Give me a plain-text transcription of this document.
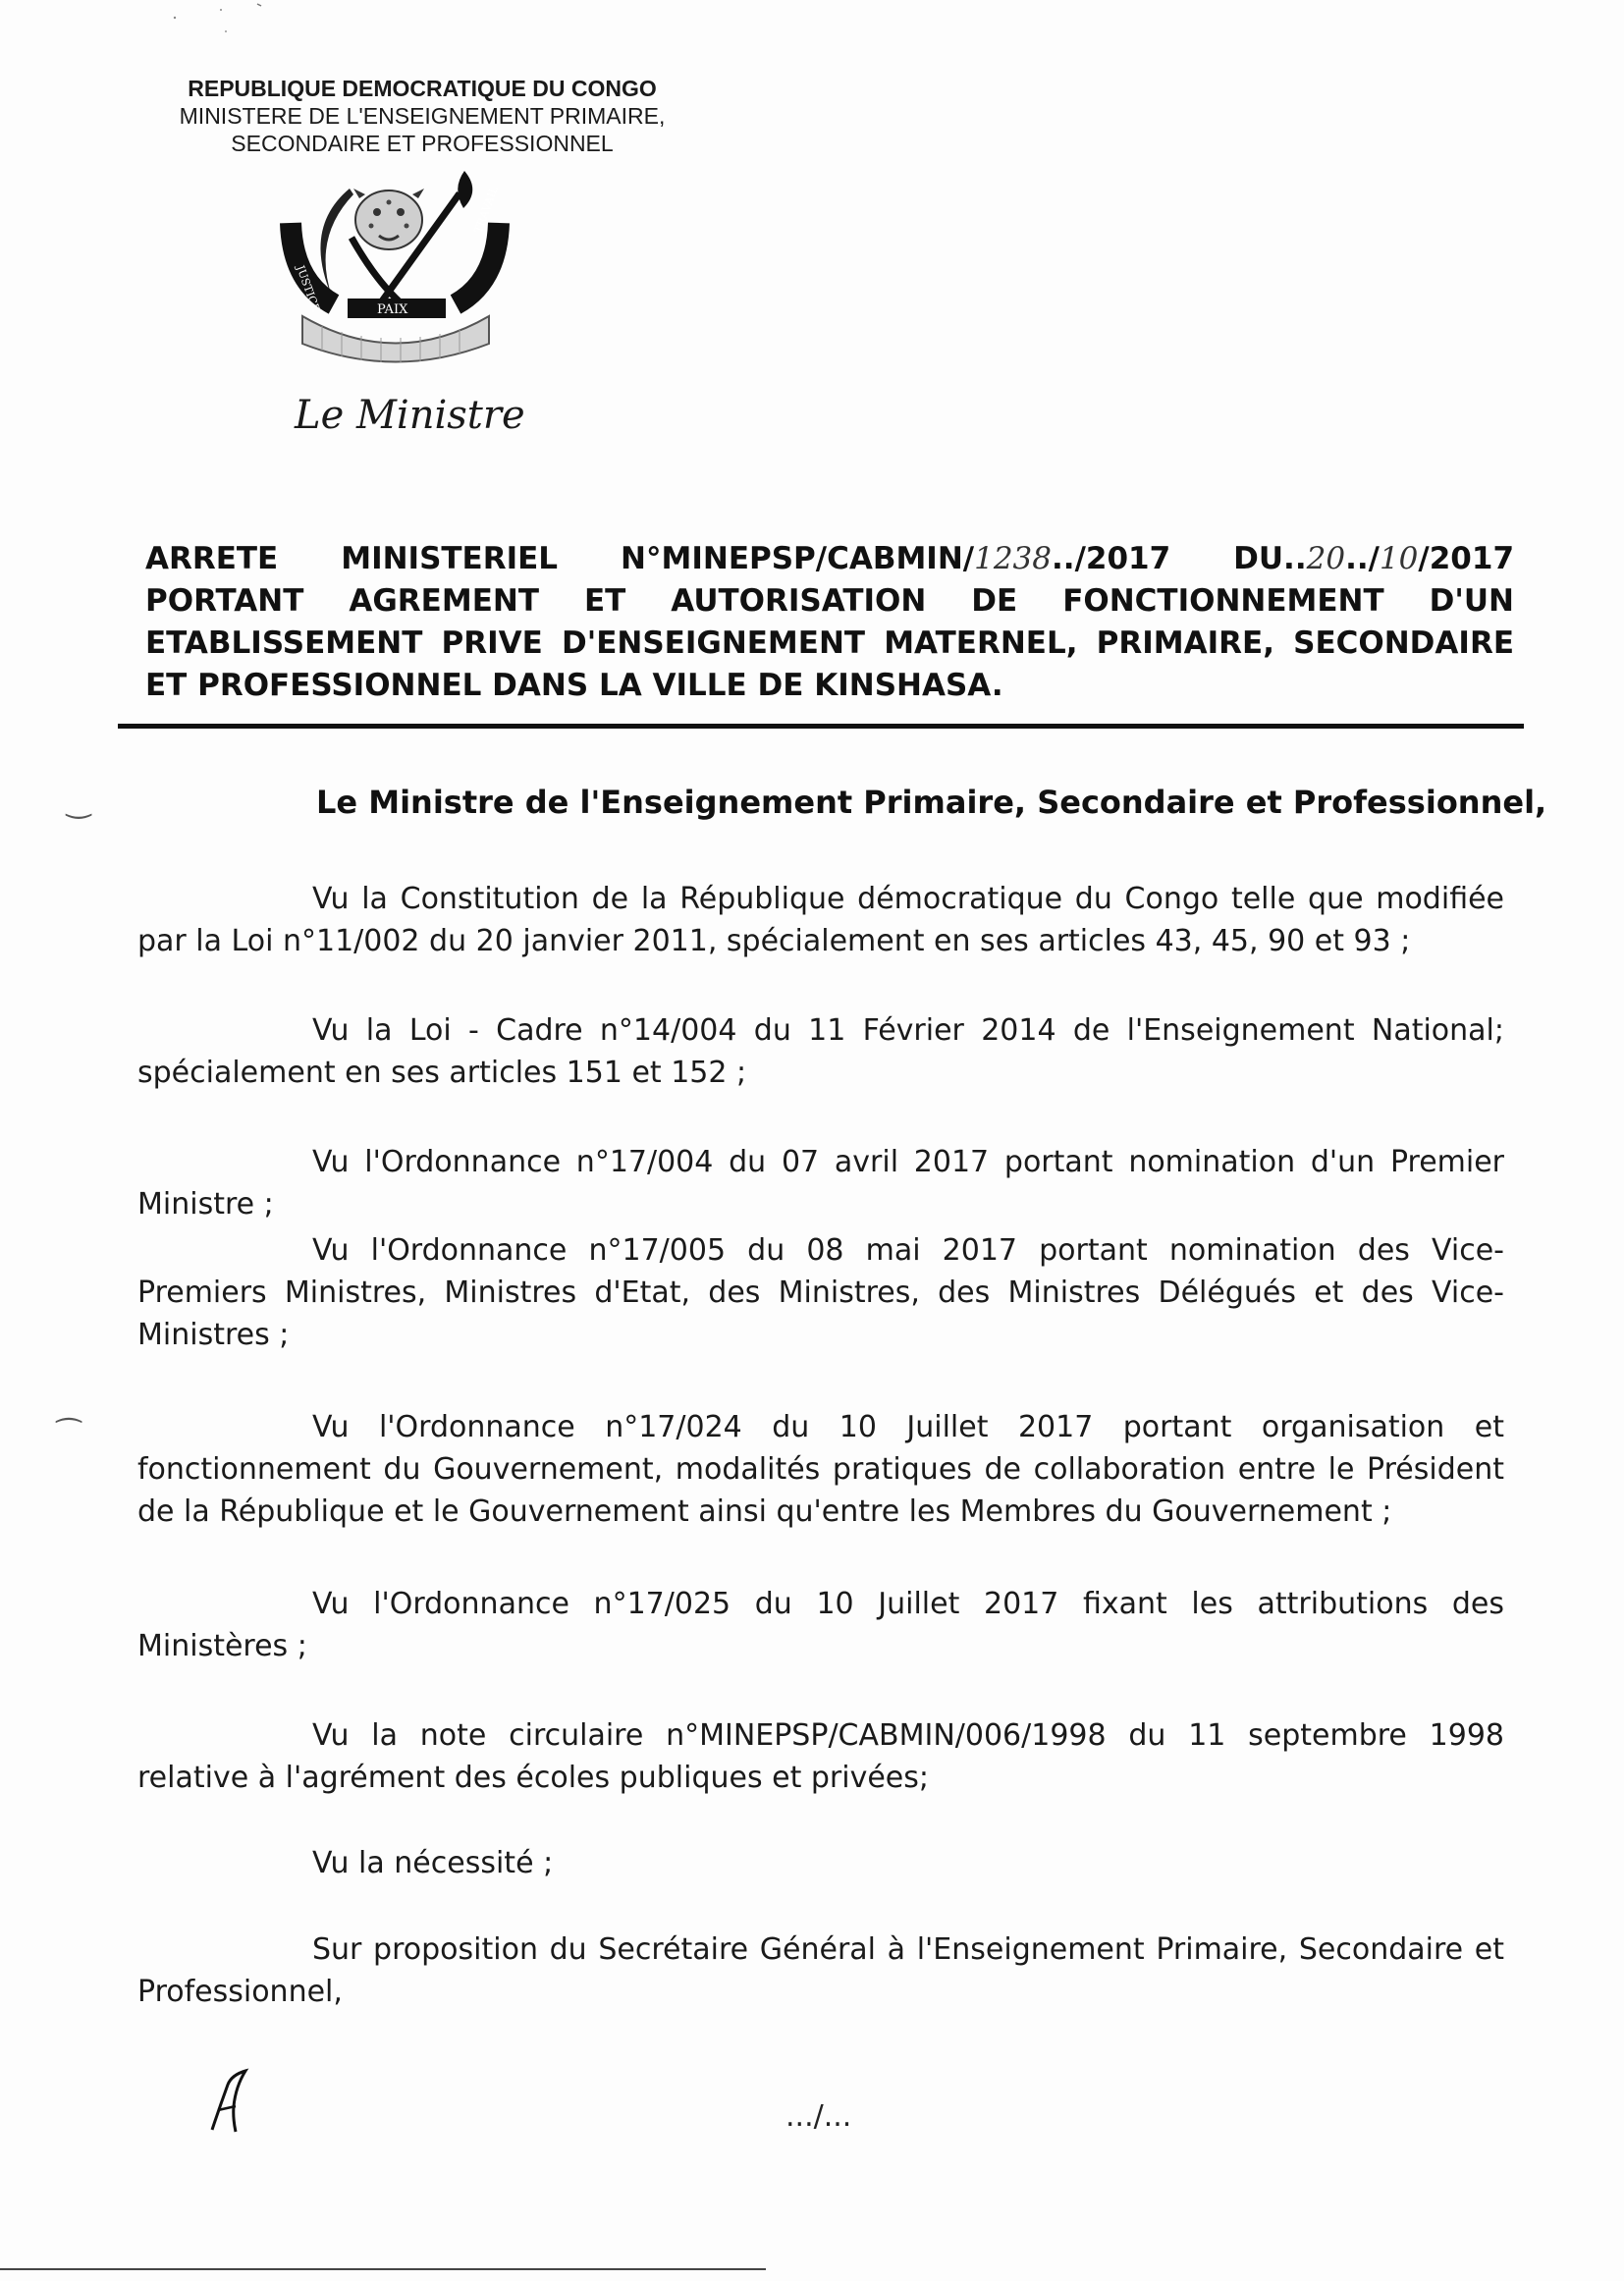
REPUBLIQUE DEMOCRATIQUE DU CONGO
MINISTERE DE L'ENSEIGNEMENT PRIMAIRE,
SECONDAIRE ET PROFESSIONNEL
JUSTICE
TRAVAIL
PAIX
Le Ministre
ARRETE MINISTERIEL N°MINEPSP/CABMIN/1238../2017 DU..20../10/2017
PORTANT AGREMENT ET AUTORISATION DE FONCTIONNEMENT D'UN
ETABLISSEMENT PRIVE D'ENSEIGNEMENT MATERNEL, PRIMAIRE, SECONDAIRE
ET PROFESSIONNEL DANS LA VILLE DE KINSHASA.
‿
⁀
Le Ministre de l'Enseignement Primaire, Secondaire et Professionnel,
Vu la Constitution de la République démocratique du Congo telle que modifiée
par la Loi n°11/002 du 20 janvier 2011, spécialement en ses articles 43, 45, 90 et 93 ;
Vu la Loi - Cadre n°14/004 du 11 Février 2014 de l'Enseignement National;
spécialement en ses articles 151 et 152 ;
Vu l'Ordonnance n°17/004 du 07 avril 2017 portant nomination d'un Premier
Ministre ;
Vu l'Ordonnance n°17/005 du 08 mai 2017 portant nomination des Vice-
Premiers Ministres, Ministres d'Etat, des Ministres, des Ministres Délégués et des Vice-
Ministres ;
Vu l'Ordonnance n°17/024 du 10 Juillet 2017 portant organisation et
fonctionnement du Gouvernement, modalités pratiques de collaboration entre le Président
de la République et le Gouvernement ainsi qu'entre les Membres du Gouvernement ;
Vu l'Ordonnance n°17/025 du 10 Juillet 2017 fixant les attributions des
Ministères ;
Vu la note circulaire n°MINEPSP/CABMIN/006/1998 du 11 septembre 1998
relative à l'agrément des écoles publiques et privées;
Vu la nécessité ;
Sur proposition du Secrétaire Général à l'Enseignement Primaire, Secondaire et
Professionnel,
.../...
